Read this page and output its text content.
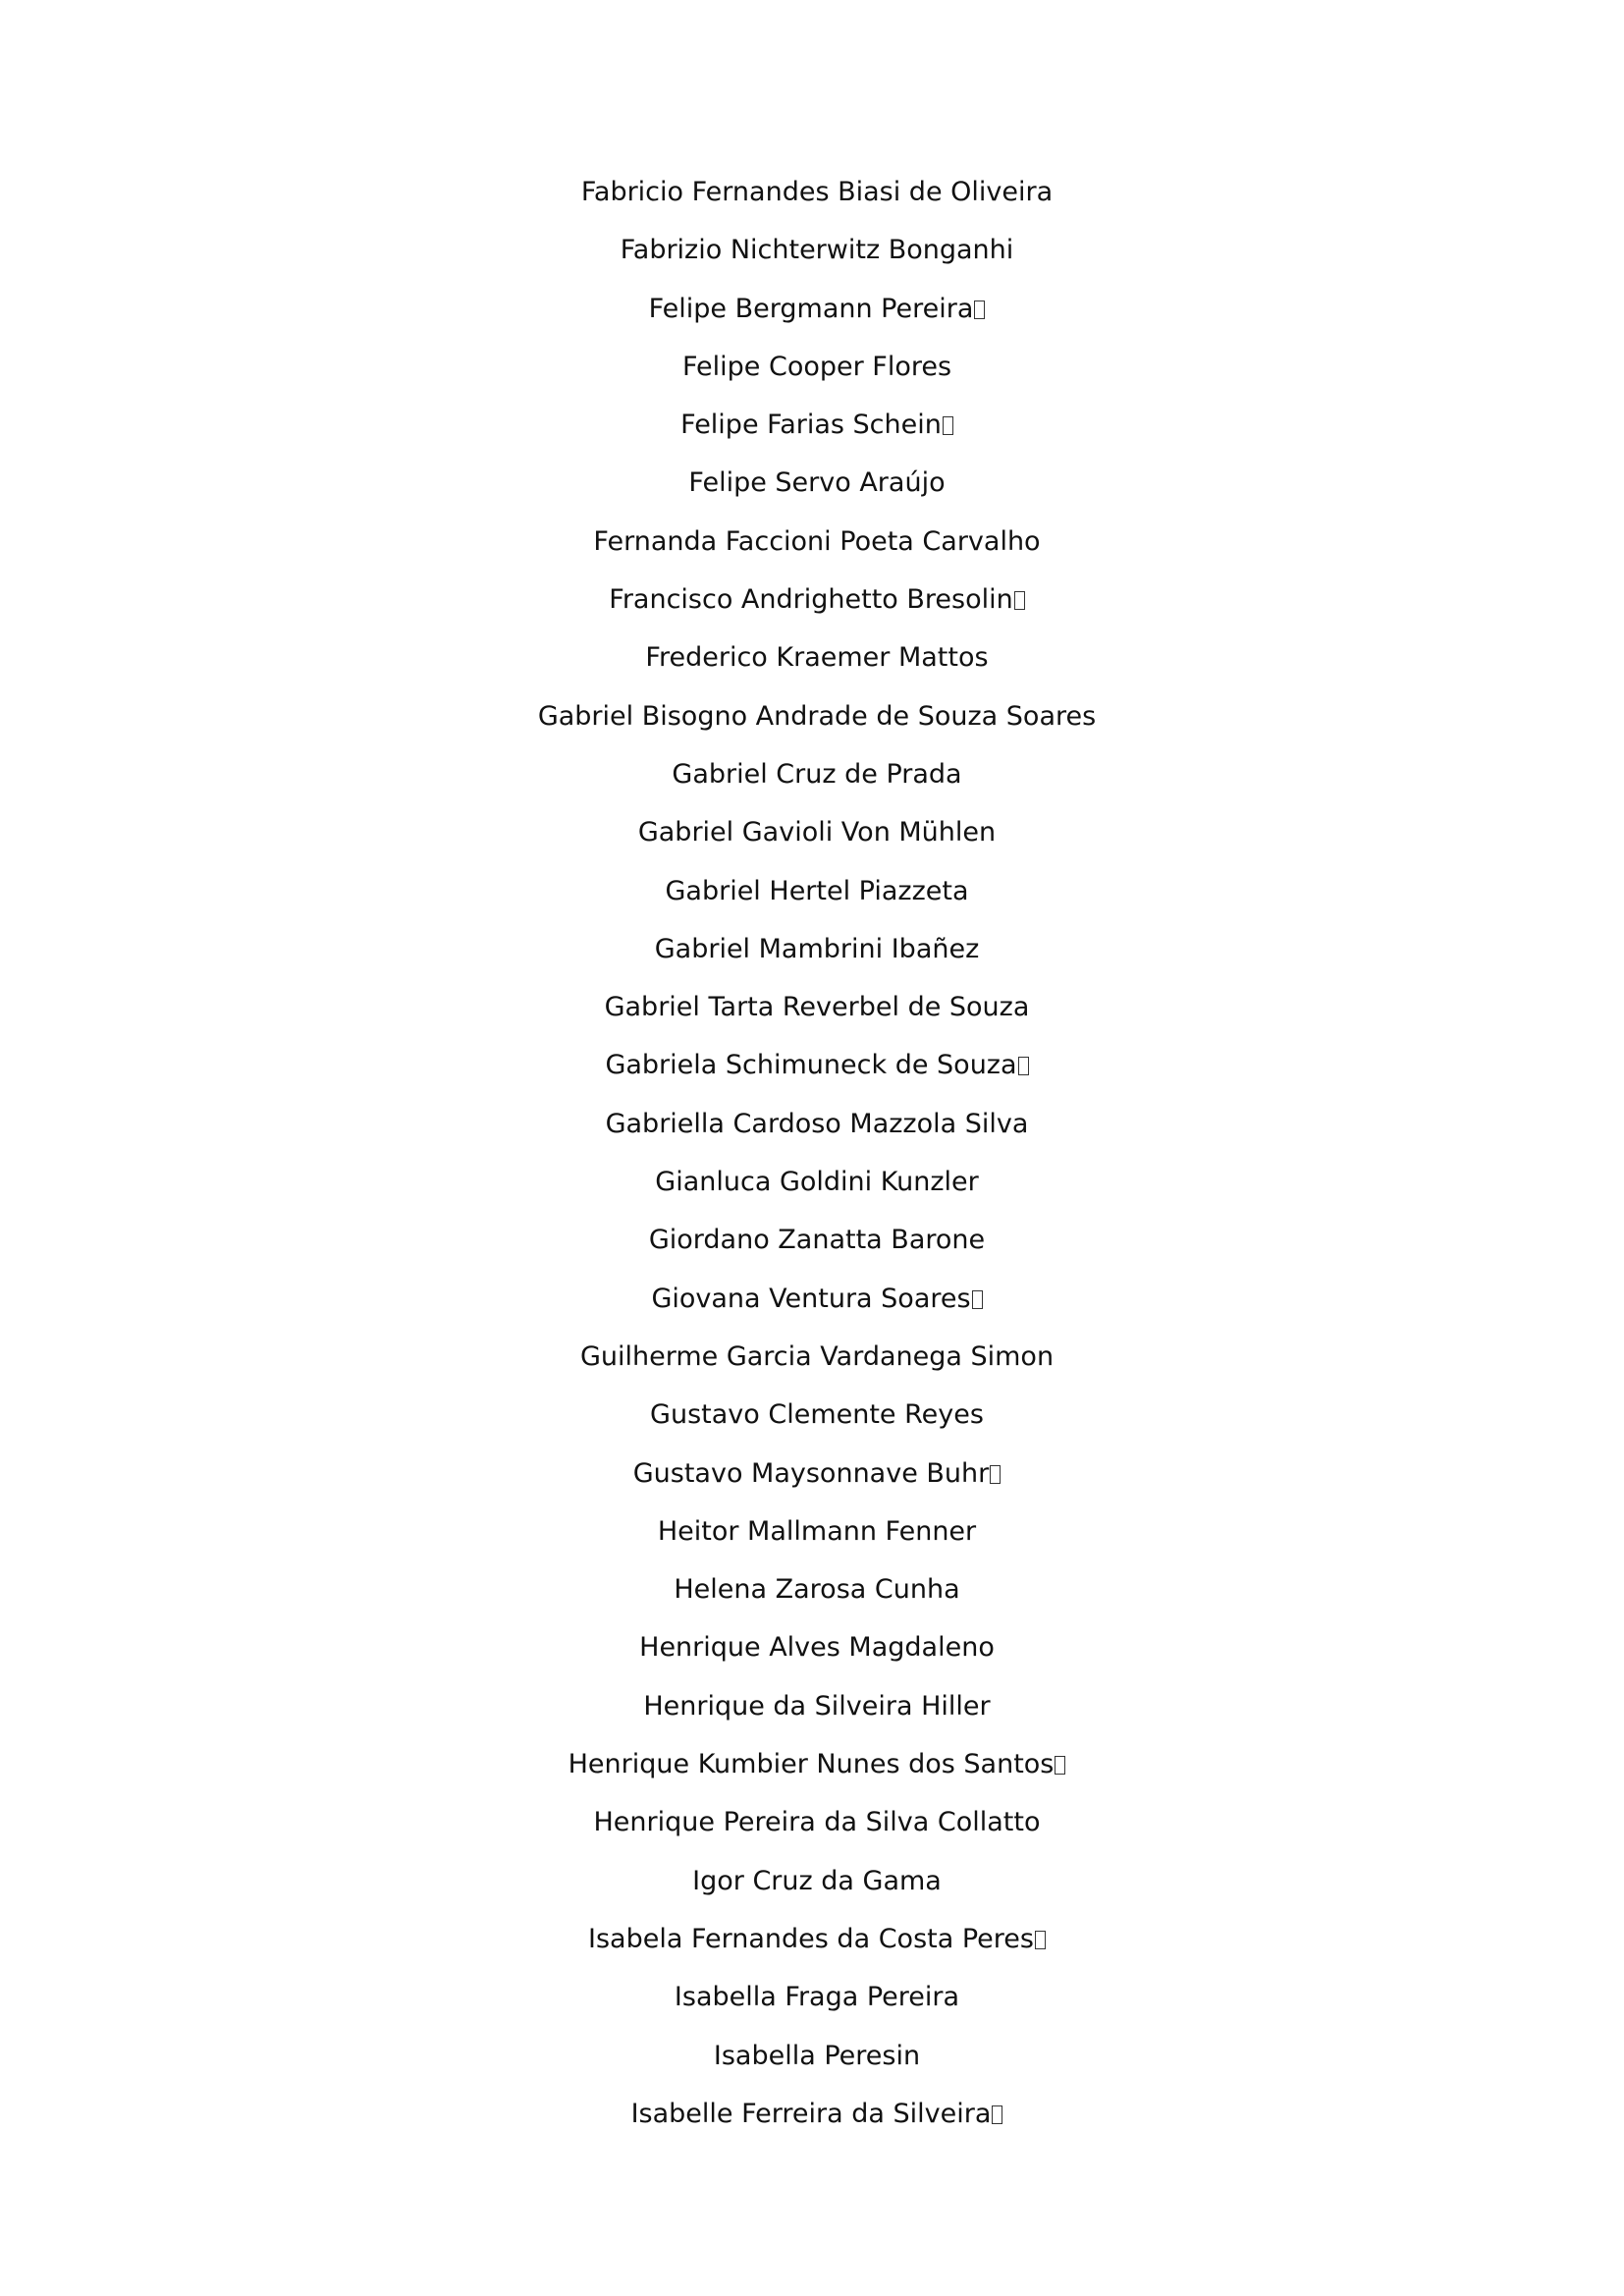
Fabricio Fernandes Biasi de Oliveira
Fabrizio Nichterwitz Bonganhi
Felipe Bergmann Pereira
Felipe Cooper Flores
Felipe Farias Schein
Felipe Servo Araújo
Fernanda Faccioni Poeta Carvalho
Francisco Andrighetto Bresolin
Frederico Kraemer Mattos
Gabriel Bisogno Andrade de Souza Soares
Gabriel Cruz de Prada
Gabriel Gavioli Von Mühlen
Gabriel Hertel Piazzeta
Gabriel Mambrini Ibañez
Gabriel Tarta Reverbel de Souza
Gabriela Schimuneck de Souza
Gabriella Cardoso Mazzola Silva
Gianluca Goldini Kunzler
Giordano Zanatta Barone
Giovana Ventura Soares
Guilherme Garcia Vardanega Simon
Gustavo Clemente Reyes
Gustavo Maysonnave Buhr
Heitor Mallmann Fenner
Helena Zarosa Cunha
Henrique Alves Magdaleno
Henrique da Silveira Hiller
Henrique Kumbier Nunes dos Santos
Henrique Pereira da Silva Collatto
Igor Cruz da Gama
Isabela Fernandes da Costa Peres
Isabella Fraga Pereira
Isabella Peresin
Isabelle Ferreira da Silveira
